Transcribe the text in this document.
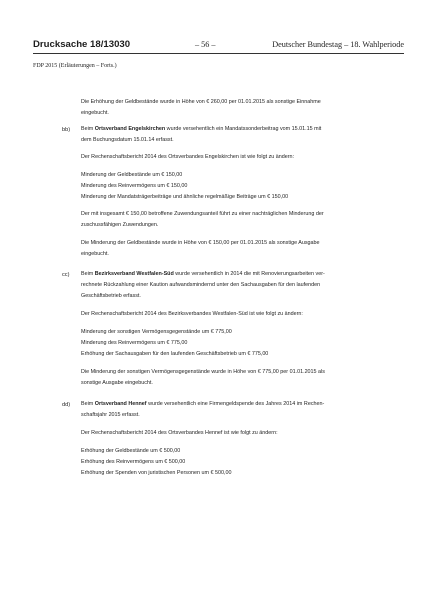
Drucksache 18/13030	– 56 –	Deutscher Bundestag – 18. Wahlperiode
FDP 2015 (Erläuterungen – Forts.)
Die Erhöhung der Geldbestände wurde in Höhe von € 260,00 per 01.01.2015 als sonstige Einnahme
eingebucht.
bb) Beim Ortsverband Engelskirchen wurde versehentlich ein Mandatssonderbeitrag vom 15.01.15 mit
dem Buchungsdatum 15.01.14 erfasst.
Der Rechenschaftsbericht 2014 des Ortsverbandes Engelskirchen ist wie folgt zu ändern:
Minderung der Geldbestände um € 150,00
Minderung des Reinvermögens um € 150,00
Minderung der Mandatsträgerbeiträge und ähnliche regelmäßige Beiträge um € 150,00
Der mit insgesamt € 150,00 betroffene Zuwendungsanteil führt zu einer nachträglichen Minderung der
zuschussfähigen Zuwendungen.
Die Minderung der Geldbestände wurde in Höhe von € 150,00 per 01.01.2015 als sonstige Ausgabe
eingebucht.
cc) Beim Bezirksverband Westfalen-Süd wurde versehentlich in 2014 die mit Renovierungsarbeiten ver-
rechnete Rückzahlung einer Kaution aufwandsmindernd unter den Sachausgaben für den laufenden
Geschäftsbetrieb erfasst.
Der Rechenschaftsbericht 2014 des Bezirksverbandes Westfalen-Süd ist wie folgt zu ändern:
Minderung der sonstigen Vermögensgegenstände um € 775,00
Minderung des Reinvermögens um € 775,00
Erhöhung der Sachausgaben für den laufenden Geschäftsbetrieb um € 775,00
Die Minderung der sonstigen Vermögensgegenstände wurde in Höhe von € 775,00 per 01.01.2015 als
sonstige Ausgabe eingebucht.
dd) Beim Ortsverband Hennef wurde versehentlich eine Firmengeldspende des Jahres 2014 im Rechen-
schaftsjahr 2015 erfasst.
Der Rechenschaftsbericht 2014 des Ortsverbandes Hennef ist wie folgt zu ändern:
Erhöhung der Geldbestände um € 500,00
Erhöhung des Reinvermögens um € 500,00
Erhöhung der Spenden von juristischen Personen um € 500,00
